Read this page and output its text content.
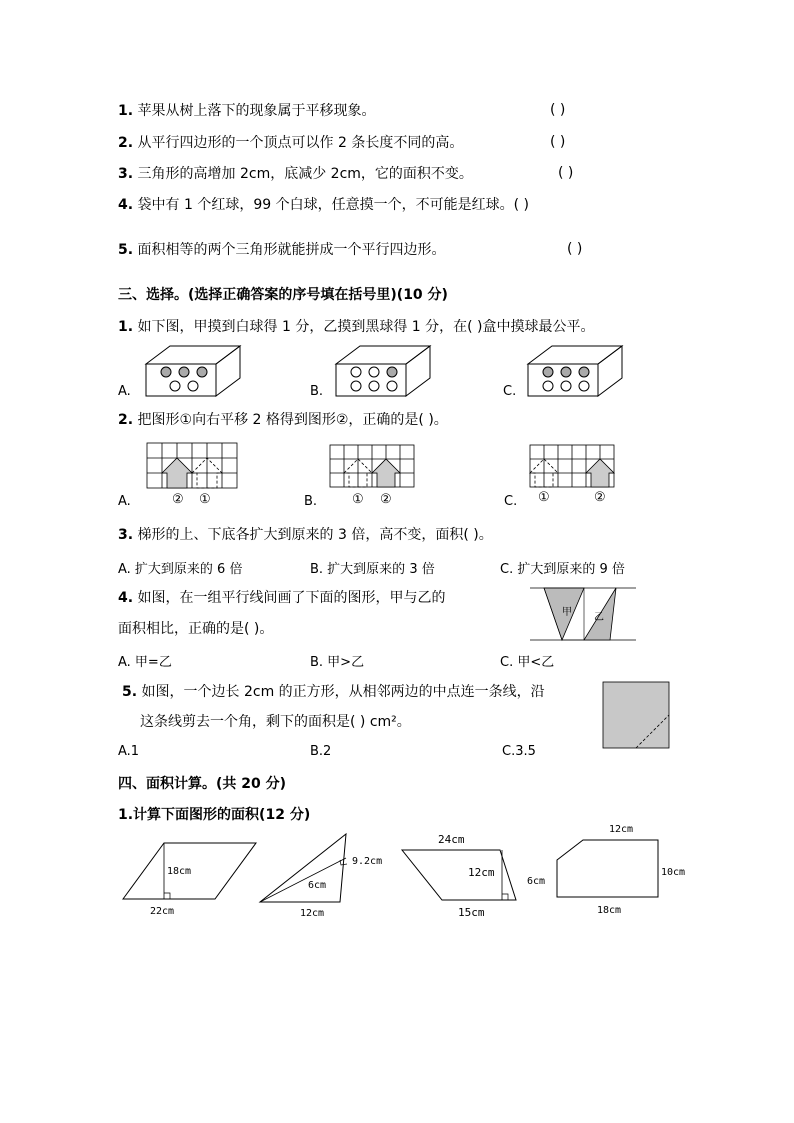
1. 苹果从树上落下的现象属于平移现象。	( )
2. 从平行四边形的一个顶点可以作 2 条长度不同的高。	( )
3. 三角形的高增加 2cm，底减少 2cm，它的面积不变。	( )
4. 袋中有 1 个红球，99 个白球，任意摸一个，不可能是红球。( )
5. 面积相等的两个三角形就能拼成一个平行四边形。	( )
三、选择。(选择正确答案的序号填在括号里)(10 分)
1. 如下图，甲摸到白球得 1 分，乙摸到黑球得 1 分，在( )盒中摸球最公平。
A.	B.	C.
2. 把图形①向右平移 2 格得到图形②，正确的是( )。
A.	B.	C.
② ①	① ②	①	②
3. 梯形的上、下底各扩大到原来的 3 倍，高不变，面积( )。
A. 扩大到原来的 6 倍	B. 扩大到原来的 3 倍	C. 扩大到原来的 9 倍
4. 如图，在一组平行线间画了下面的图形，甲与乙的
面积相比，正确的是( )。
甲 乙
A. 甲=乙	B. 甲>乙	C. 甲<乙
5. 如图，一个边长 2cm 的正方形，从相邻两边的中点连一条线，沿
这条线剪去一个角，剩下的面积是( ) cm²。
A.1	B.2	C.3.5
四、面积计算。(共 20 分)
1.计算下面图形的面积(12 分)
18cm
22cm
9.2cm
6cm
12cm
24cm
12cm
15cm
12cm
6cm
10cm
18cm
